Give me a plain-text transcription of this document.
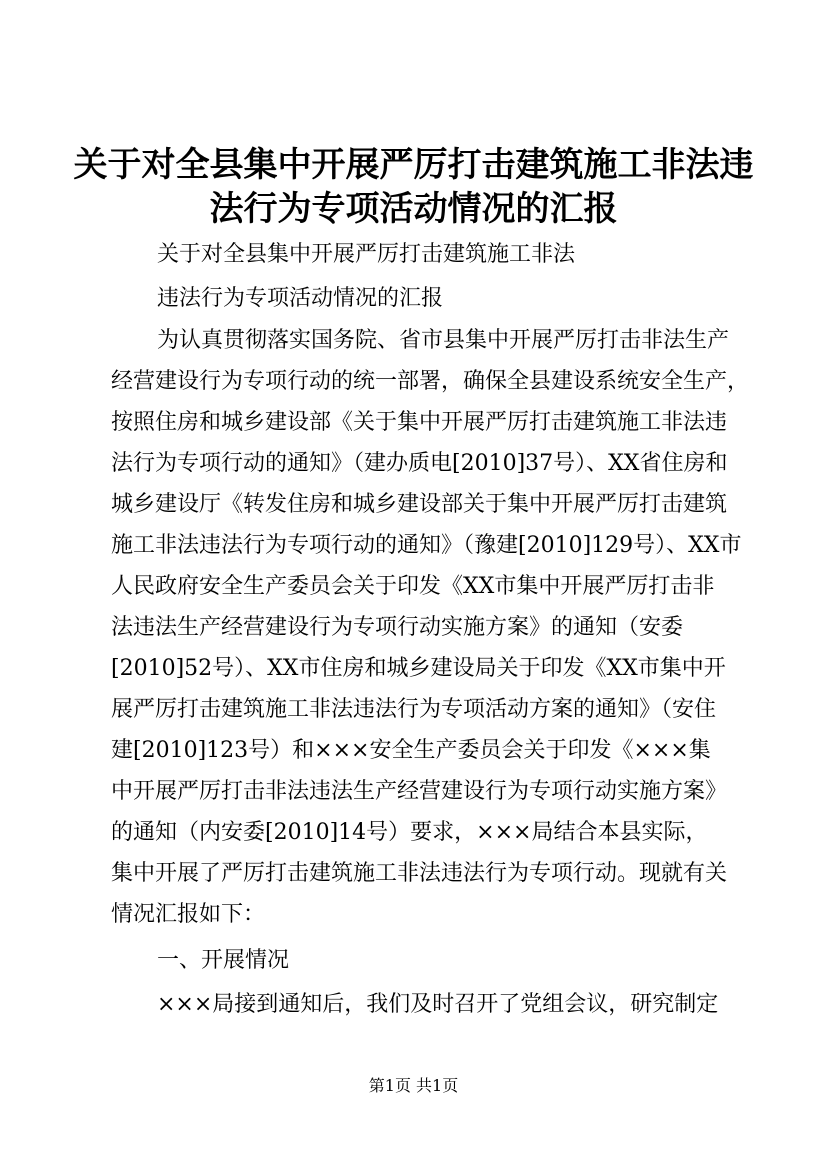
关于对全县集中开展严厉打击建筑施工非法违
法行为专项活动情况的汇报
关于对全县集中开展严厉打击建筑施工非法
违法行为专项活动情况的汇报
为认真贯彻落实国务院、省市县集中开展严厉打击非法生产
经营建设行为专项行动的统一部署，确保全县建设系统安全生产，
按照住房和城乡建设部《关于集中开展严厉打击建筑施工非法违
法行为专项行动的通知》（建办质电[2010]37号）、XX省住房和
城乡建设厅《转发住房和城乡建设部关于集中开展严厉打击建筑
施工非法违法行为专项行动的通知》（豫建[2010]129号）、XX市
人民政府安全生产委员会关于印发《XX市集中开展严厉打击非
法违法生产经营建设行为专项行动实施方案》的通知（安委
[2010]52号）、XX市住房和城乡建设局关于印发《XX市集中开
展严厉打击建筑施工非法违法行为专项活动方案的通知》（安住
建[2010]123号）和×××安全生产委员会关于印发《×××集
中开展严厉打击非法违法生产经营建设行为专项行动实施方案》
的通知（内安委[2010]14号）要求，×××局结合本县实际，
集中开展了严厉打击建筑施工非法违法行为专项行动。现就有关
情况汇报如下：
一、开展情况
×××局接到通知后，我们及时召开了党组会议，研究制定
第1页 共1页
